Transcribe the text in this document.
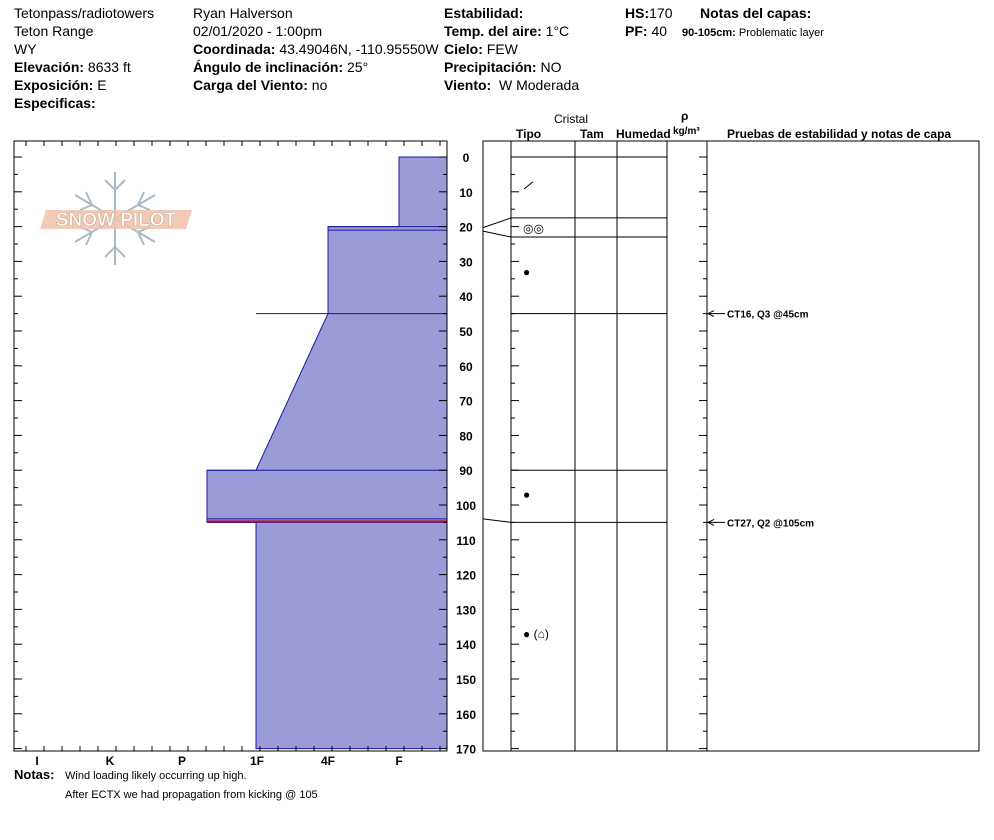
Tetonpass/radiotowers
Teton Range
WY
Elevación: 8633 ft
Exposición: E
Especificas:
Ryan Halverson
02/01/2020 - 1:00pm
Coordinada: 43.49046N, -110.95550W
Ángulo de inclinación: 25°
Carga del Viento: no
Estabilidad:
Temp. del aire: 1°C
Cielo: FEW
Precipitación: NO
Viento: W Moderada
HS:170
PF: 40
Notas del capas:
90-105cm: Problematic layer
Cristal
Tipo	Tam Humedad
ρ
kg/m³ Pruebas de estabilidad y notas de capa
SNOW PILOT
0
10
20
30
40
50
60
70
80
90
100
110
120
130
140
150
160
170
I	K	P	1F	4F	F
◎◎
●
●
● (⌂)
CT16, Q3 @45cm
CT27, Q2 @105cm
Notas: Wind loading likely occurring up high.
After ECTX we had propagation from kicking @ 105
